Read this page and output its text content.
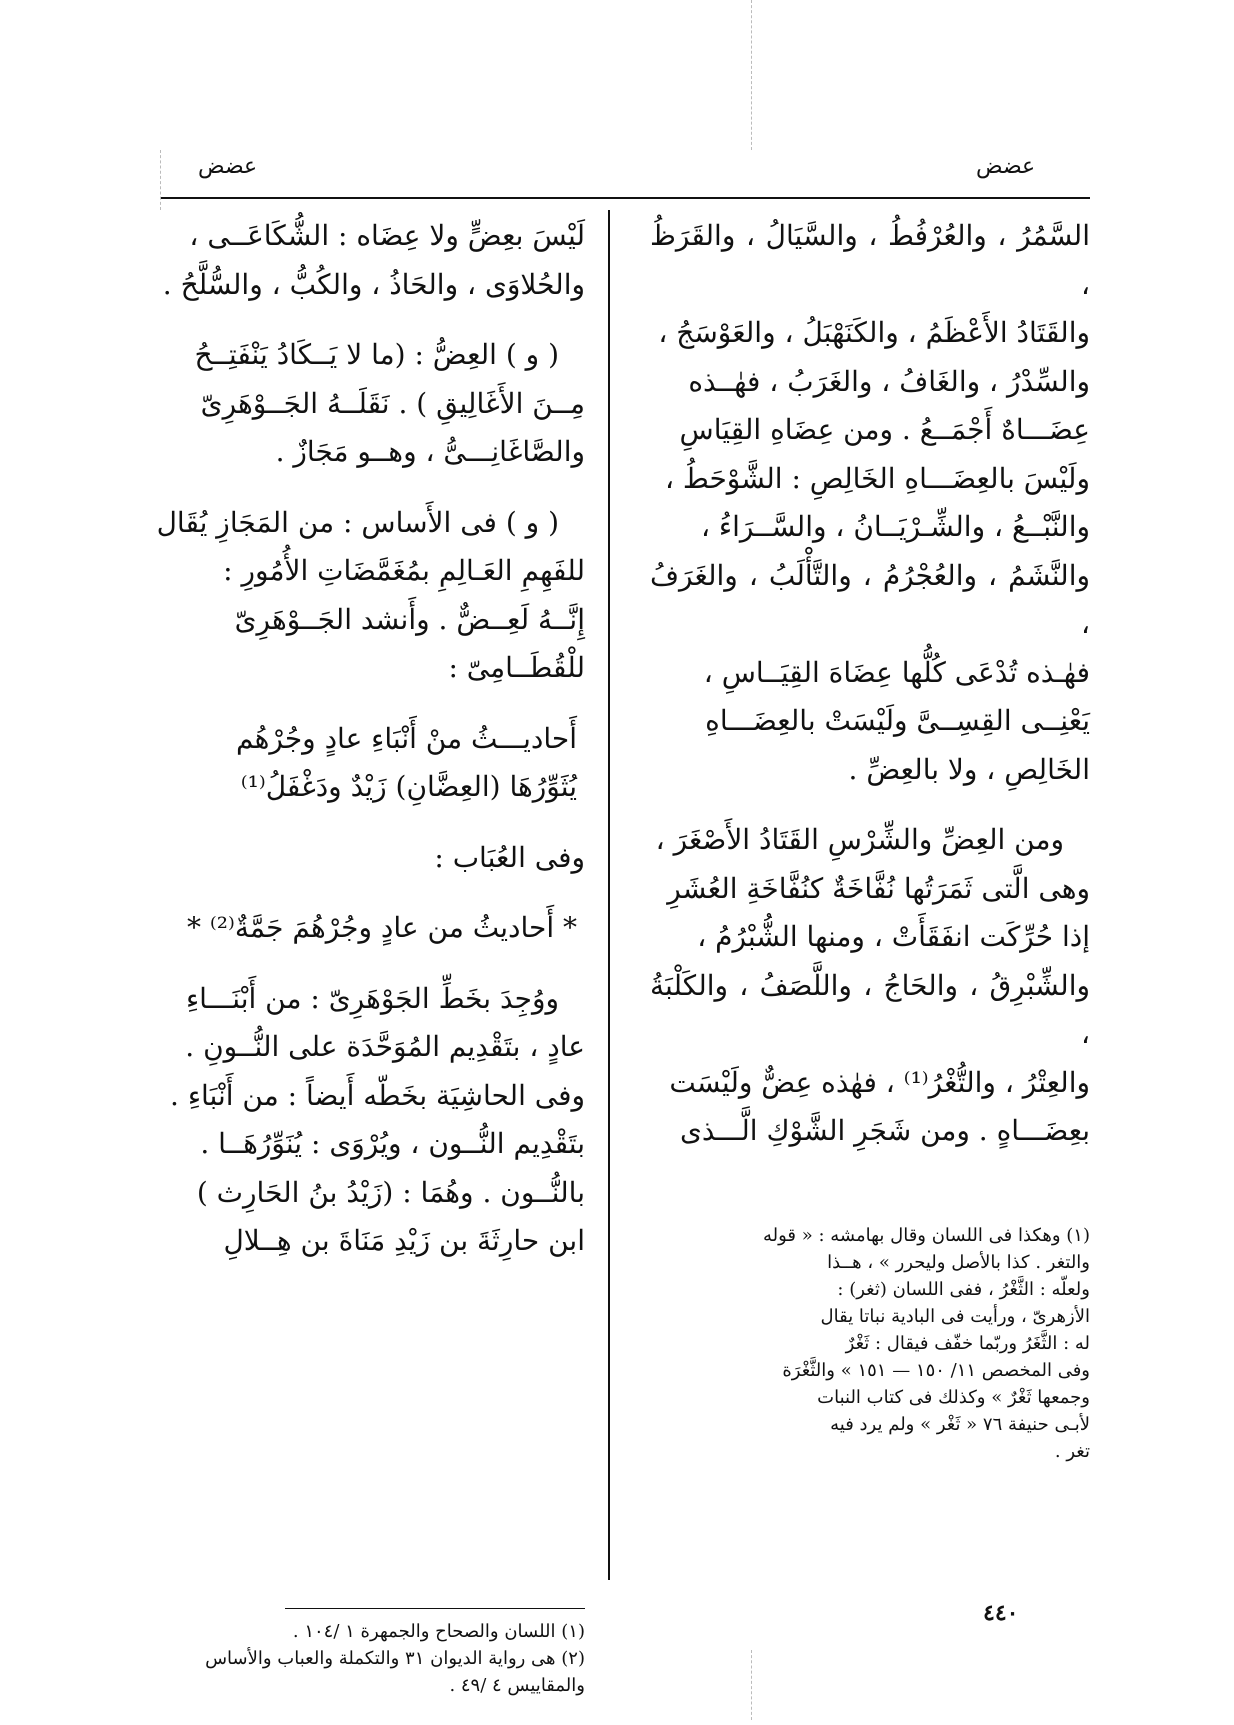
عضض
عضض

السَّمُرُ ، والعُرْفُطُ ، والسَّيَالُ ، والقَرَظُ ،
والقَتَادُ الأَعْظَمُ ، والكَنَهْبَلُ ، والعَوْسَجُ ،
والسِّدْرُ ، والغَافُ ، والغَرَبُ ، فهٰــذه
عِضَـــاهٌ أَجْمَــعُ . ومن عِضَاهِ القِيَاسِ
ولَيْسَ بالعِضَـــاهِ الخَالِصِ : الشَّوْحَطُ ،
والنَّبْــعُ ، والشِّـرْيَــانُ ، والسَّــرَاءُ ،
والنَّشَمُ ، والعُجْرُمُ ، والتَّأْلَبُ ، والغَرَفُ ،
فهٰـذه تُدْعَى كُلُّها عِضَاهَ القِيَــاسِ ،
يَعْنِــى القِسِــىَّ ولَيْسَتْ بالعِضَـــاهِ
الخَالِصِ ، ولا بالعِضِّ .

ومن العِضِّ والشِّرْسِ القَتَادُ الأَصْغَرَ ،
وهى الَّتى ثَمَرَتُها نُفَّاخَةٌ كنُفَّاخَةِ العُشَرِ
إذا حُرِّكَت انفَقَأَتْ ، ومنها الشُّبْرُمُ ،
والشِّبْرِقُ ، والحَاجُ ، واللَّصَفُ ، والكَلْبَةُ ،
والعِتْرُ ، والتُّغْرُ⁽¹⁾ ، فهٰذه عِضٌّ ولَيْسَت
بعِضَـــاهٍ . ومن شَجَرِ الشَّوْكِ الَّـــذى

لَيْسَ بعِضٍّ ولا عِضَاه : الشُّكَاعَــى ،
والحُلاوَى ، والحَاذُ ، والكُبُّ ، والسُّلَّحُ .

( و ) العِضُّ : (ما لا يَــكَادُ يَنْفَتِــحُ
مِــنَ الأَغَالِيقِ ) . نَقَلَــهُ الجَــوْهَرِىّ
والصَّاغَانِـــىُّ ، وهــو مَجَازٌ .

( و ) فى الأَساس : من المَجَازِ يُقَال
للفَهِمِ العَـالِمِ بمُغَمَّضَاتِ الأُمُورِ :
إِنَّــهُ لَعِــضٌّ . وأَنشد الجَــوْهَرِىّ
للْقُطَــامِىّ :

أَحاديـــثُ منْ أَنْبَاءِ عادٍ وجُرْهُم
يُثَوِّرُهَا (العِضَّانِ) زَيْدٌ ودَغْفَلُ⁽¹⁾

وفى العُبَاب :

* أَحاديثُ من عادٍ وجُرْهُمَ جَمَّةٌ⁽²⁾ *

ووُجِدَ بخَطِّ الجَوْهَرِىّ : من أَبْنَـــاءِ
عادٍ ، بتَقْدِيم المُوَحَّدَة على النُّــونِ .
وفى الحاشِيَة بخَطّه أَيضاً : من أَنْبَاءِ .
بتَقْدِيم النُّــون ، ويُرْوَى : يُنَوِّرُهَــا .
بالنُّــون . وهُمَا : (زَيْدُ بنُ الحَارِث )
ابن حارِثَةَ بن زَيْدِ مَنَاةَ بن هِــلالِ	(١) وهكذا فى اللسان وقال بهامشه : « قوله
والتغر . كذا بالأصل وليحرر » ، هــذا
ولعلّه : الثَّغْرُ ، ففى اللسان (ثغر) :
الأزهرىّ ، ورأيت فى البادية نباتا يقال
له : الثَّغَرُ وربّما خفّف فيقال : ثَغْرٌ
وفى المخصص ١١/ ١٥٠ — ١٥١ » والثَّغْرَة
وجمعها ثَغْرٌ » وكذلك فى كتاب النبات
لأبـى حنيفة ٧٦ « ثَغْر » ولم يرد فيه
تغر .
(١) اللسان والصحاح والجمهرة ١ /١٠٤ .
(٢) هى رواية الديوان ٣١ والتكملة والعباب والأساس
والمقاييس ٤ /٤٩ .
٤٤٠
